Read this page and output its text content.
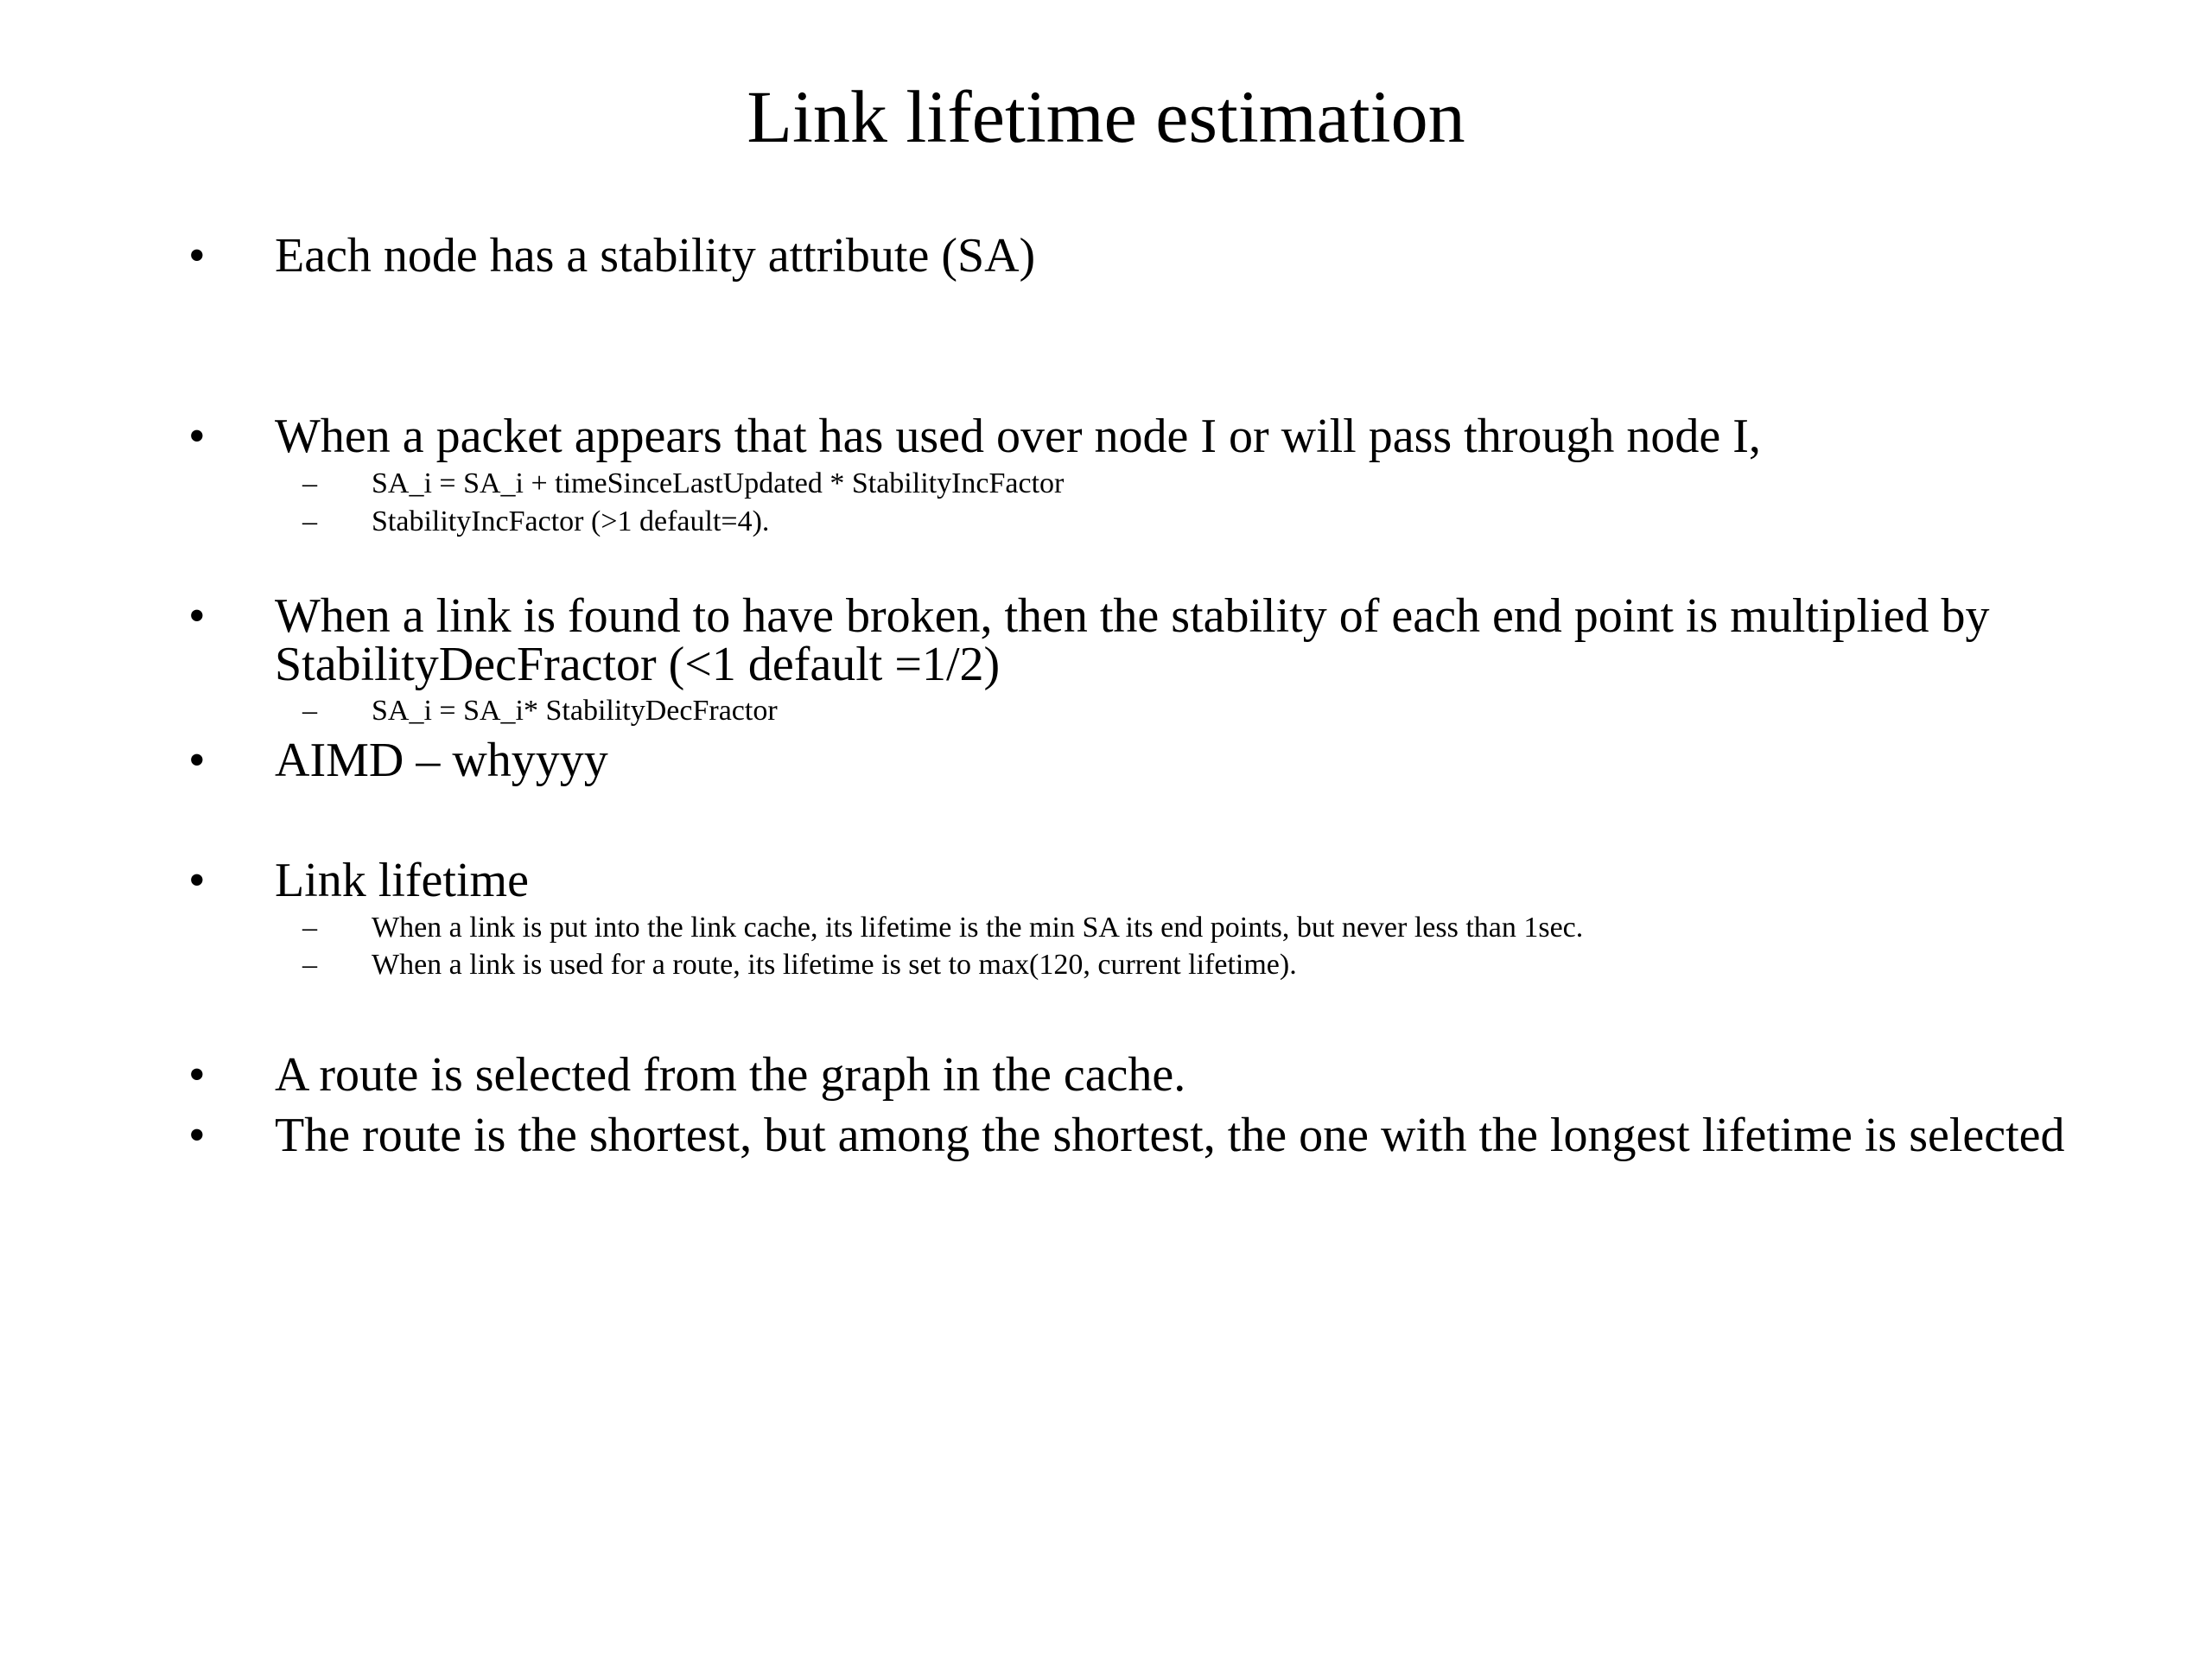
Link lifetime estimation
• Each node has a stability attribute (SA)
• When a packet appears that has used over node I or will pass through node I,
– SA_i = SA_i + timeSinceLastUpdated * StabilityIncFactor
– StabilityIncFactor (>1 default=4).
• When a link is found to have broken, then the stability of each end point is multiplied by StabilityDecFractor (<1 default =1/2)
– SA_i = SA_i* StabilityDecFractor
• AIMD – whyyyy
• Link lifetime
– When a link is put into the link cache, its lifetime is the min SA its end points, but never less than 1sec.
– When a link is used for a route, its lifetime is set to max(120, current lifetime).
• A route is selected from the graph in the cache.
• The route is the shortest, but among the shortest, the one with the longest lifetime is selected
